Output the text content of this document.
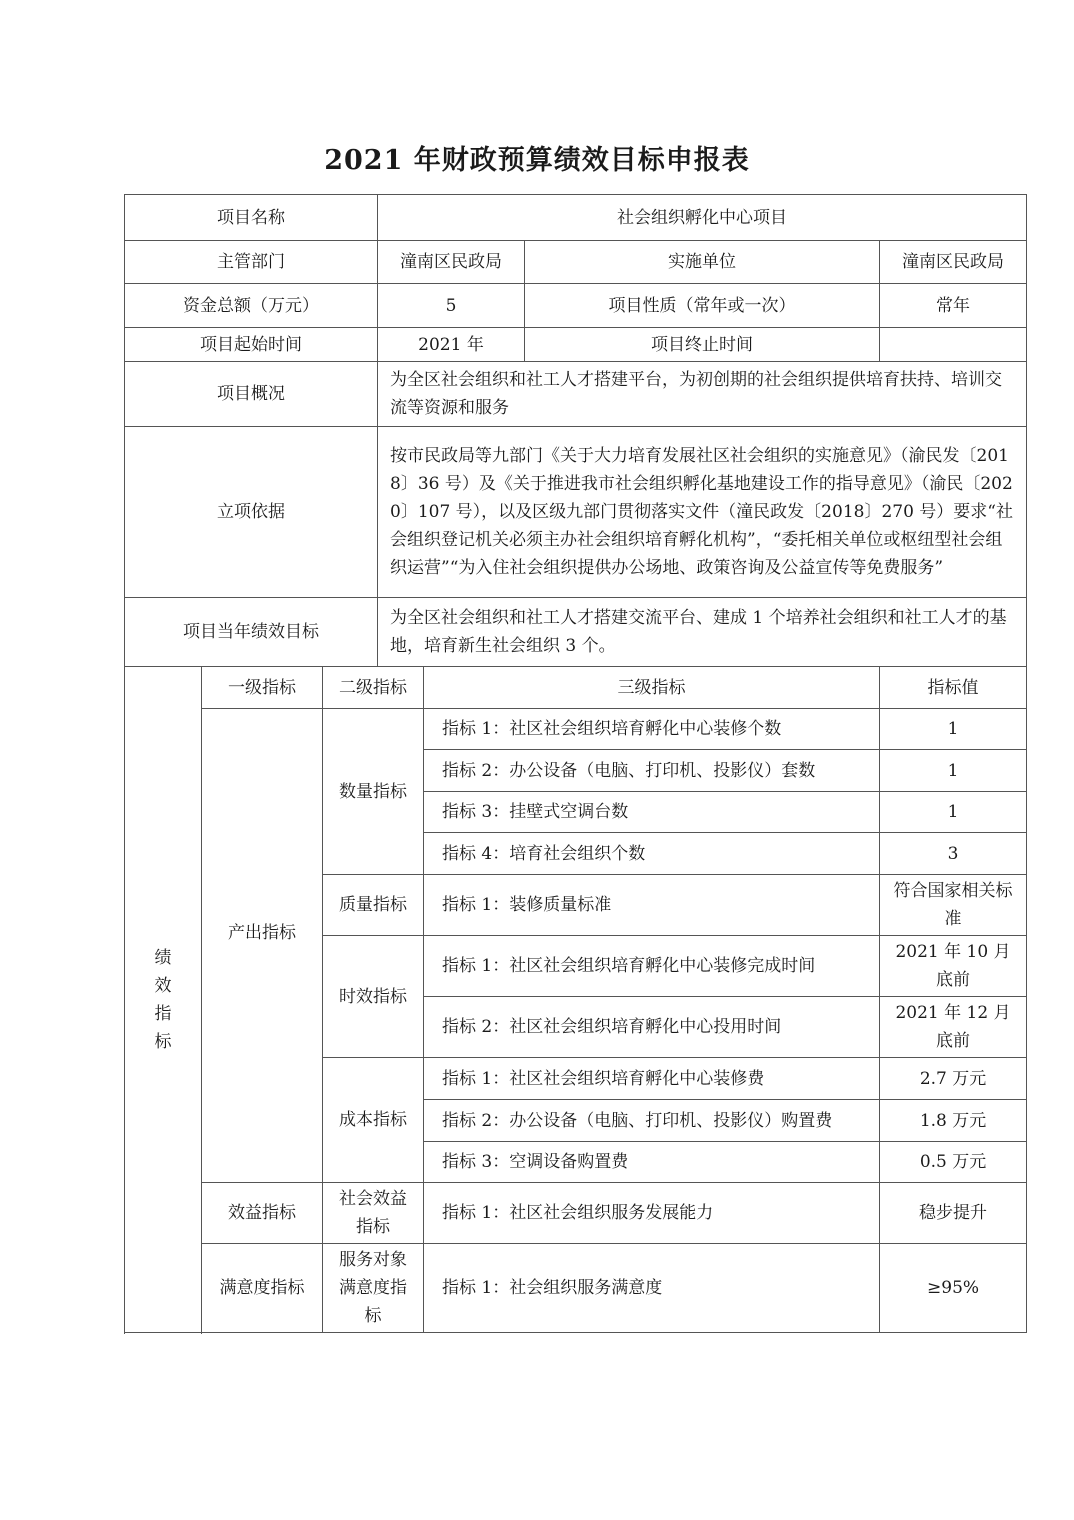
2021 年财政预算绩效目标申报表
项目名称			社会组织孵化中心项目			
主管部门			潼南区民政局		实施单位	潼南区民政局
资金总额（万元）			5		项目性质（常年或一次）	常年
项目起始时间			2021 年		项目终止时间	
项目概况			为全区社会组织和社工人才搭建平台，为初创期的社会组织提供培育扶持、培训交流等资源和服务			
立项依据			按市民政局等九部门《关于大力培育发展社区社会组织的实施意见》（渝民发〔2018〕36 号）及《关于推进我市社会组织孵化基地建设工作的指导意见》（渝民〔2020〕107 号），以及区级九部门贯彻落实文件（潼民政发〔2018〕270 号）要求“社会组织登记机关必须主办社会组织培育孵化机构”，“委托相关单位或枢纽型社会组织运营”“为入住社会组织提供办公场地、政策咨询及公益宣传等免费服务”			
项目当年绩效目标			为全区社会组织和社工人才搭建交流平台、建成 1 个培养社会组织和社工人才的基地，培育新生社会组织 3 个。			
绩效指标	一级指标	二级指标		三级指标		指标值
	产出指标	数量指标		指标 1：社区社会组织培育孵化中心装修个数		1
				指标 2：办公设备（电脑、打印机、投影仪）套数		1
				指标 3：挂壁式空调台数		1
				指标 4：培育社会组织个数		3
		质量指标		指标 1：装修质量标准		符合国家相关标准
		时效指标		指标 1：社区社会组织培育孵化中心装修完成时间		2021 年 10 月底前
				指标 2：社区社会组织培育孵化中心投用时间		2021 年 12 月底前
		成本指标		指标 1：社区社会组织培育孵化中心装修费		2.7 万元
				指标 2：办公设备（电脑、打印机、投影仪）购置费		1.8 万元
				指标 3：空调设备购置费		0.5 万元

	效益指标	社会效益指标		指标 1：社区社会组织服务发展能力		稳步提升
	满意度指标	服务对象满意度指标		指标 1：社会组织服务满意度		≥95%
